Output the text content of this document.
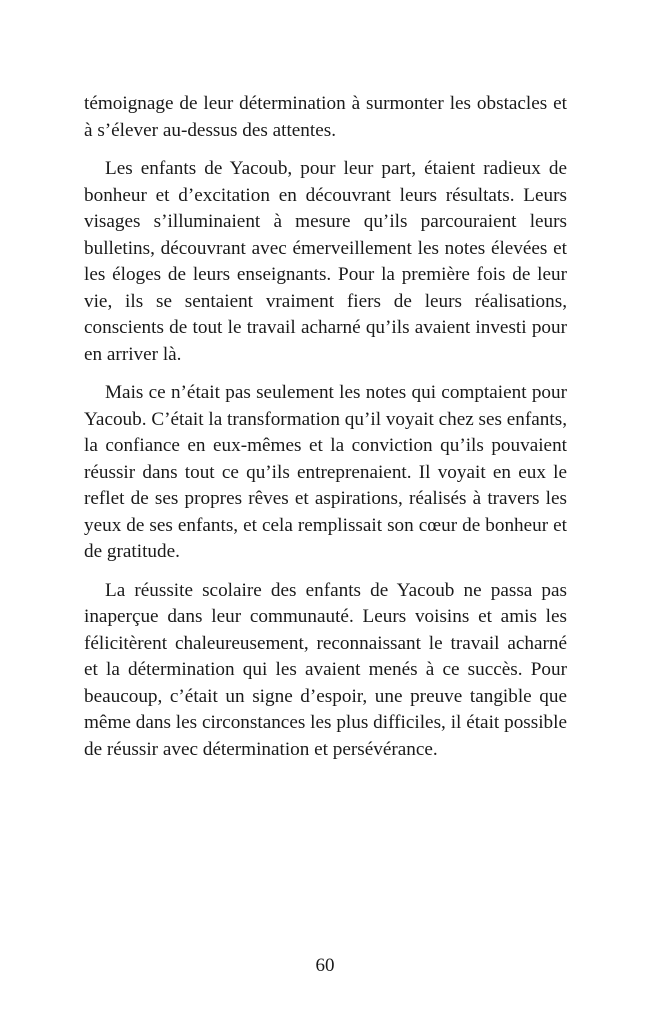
témoignage de leur détermination à surmonter les obstacles et à s’élever au-dessus des attentes.

Les enfants de Yacoub, pour leur part, étaient radieux de bonheur et d’excitation en découvrant leurs résultats. Leurs visages s’illuminaient à mesure qu’ils parcouraient leurs bulletins, découvrant avec émerveillement les notes élevées et les éloges de leurs enseignants. Pour la première fois de leur vie, ils se sentaient vraiment fiers de leurs réalisations, conscients de tout le travail acharné qu’ils avaient investi pour en arriver là.

Mais ce n’était pas seulement les notes qui comptaient pour Yacoub. C’était la transformation qu’il voyait chez ses enfants, la confiance en eux-mêmes et la conviction qu’ils pouvaient réussir dans tout ce qu’ils entreprenaient. Il voyait en eux le reflet de ses propres rêves et aspirations, réalisés à travers les yeux de ses enfants, et cela remplissait son cœur de bonheur et de gratitude.

La réussite scolaire des enfants de Yacoub ne passa pas inaperçue dans leur communauté. Leurs voisins et amis les félicitèrent chaleureusement, reconnaissant le travail acharné et la détermination qui les avaient menés à ce succès. Pour beaucoup, c’était un signe d’espoir, une preuve tangible que même dans les circonstances les plus difficiles, il était possible de réussir avec détermination et persévérance.

60
